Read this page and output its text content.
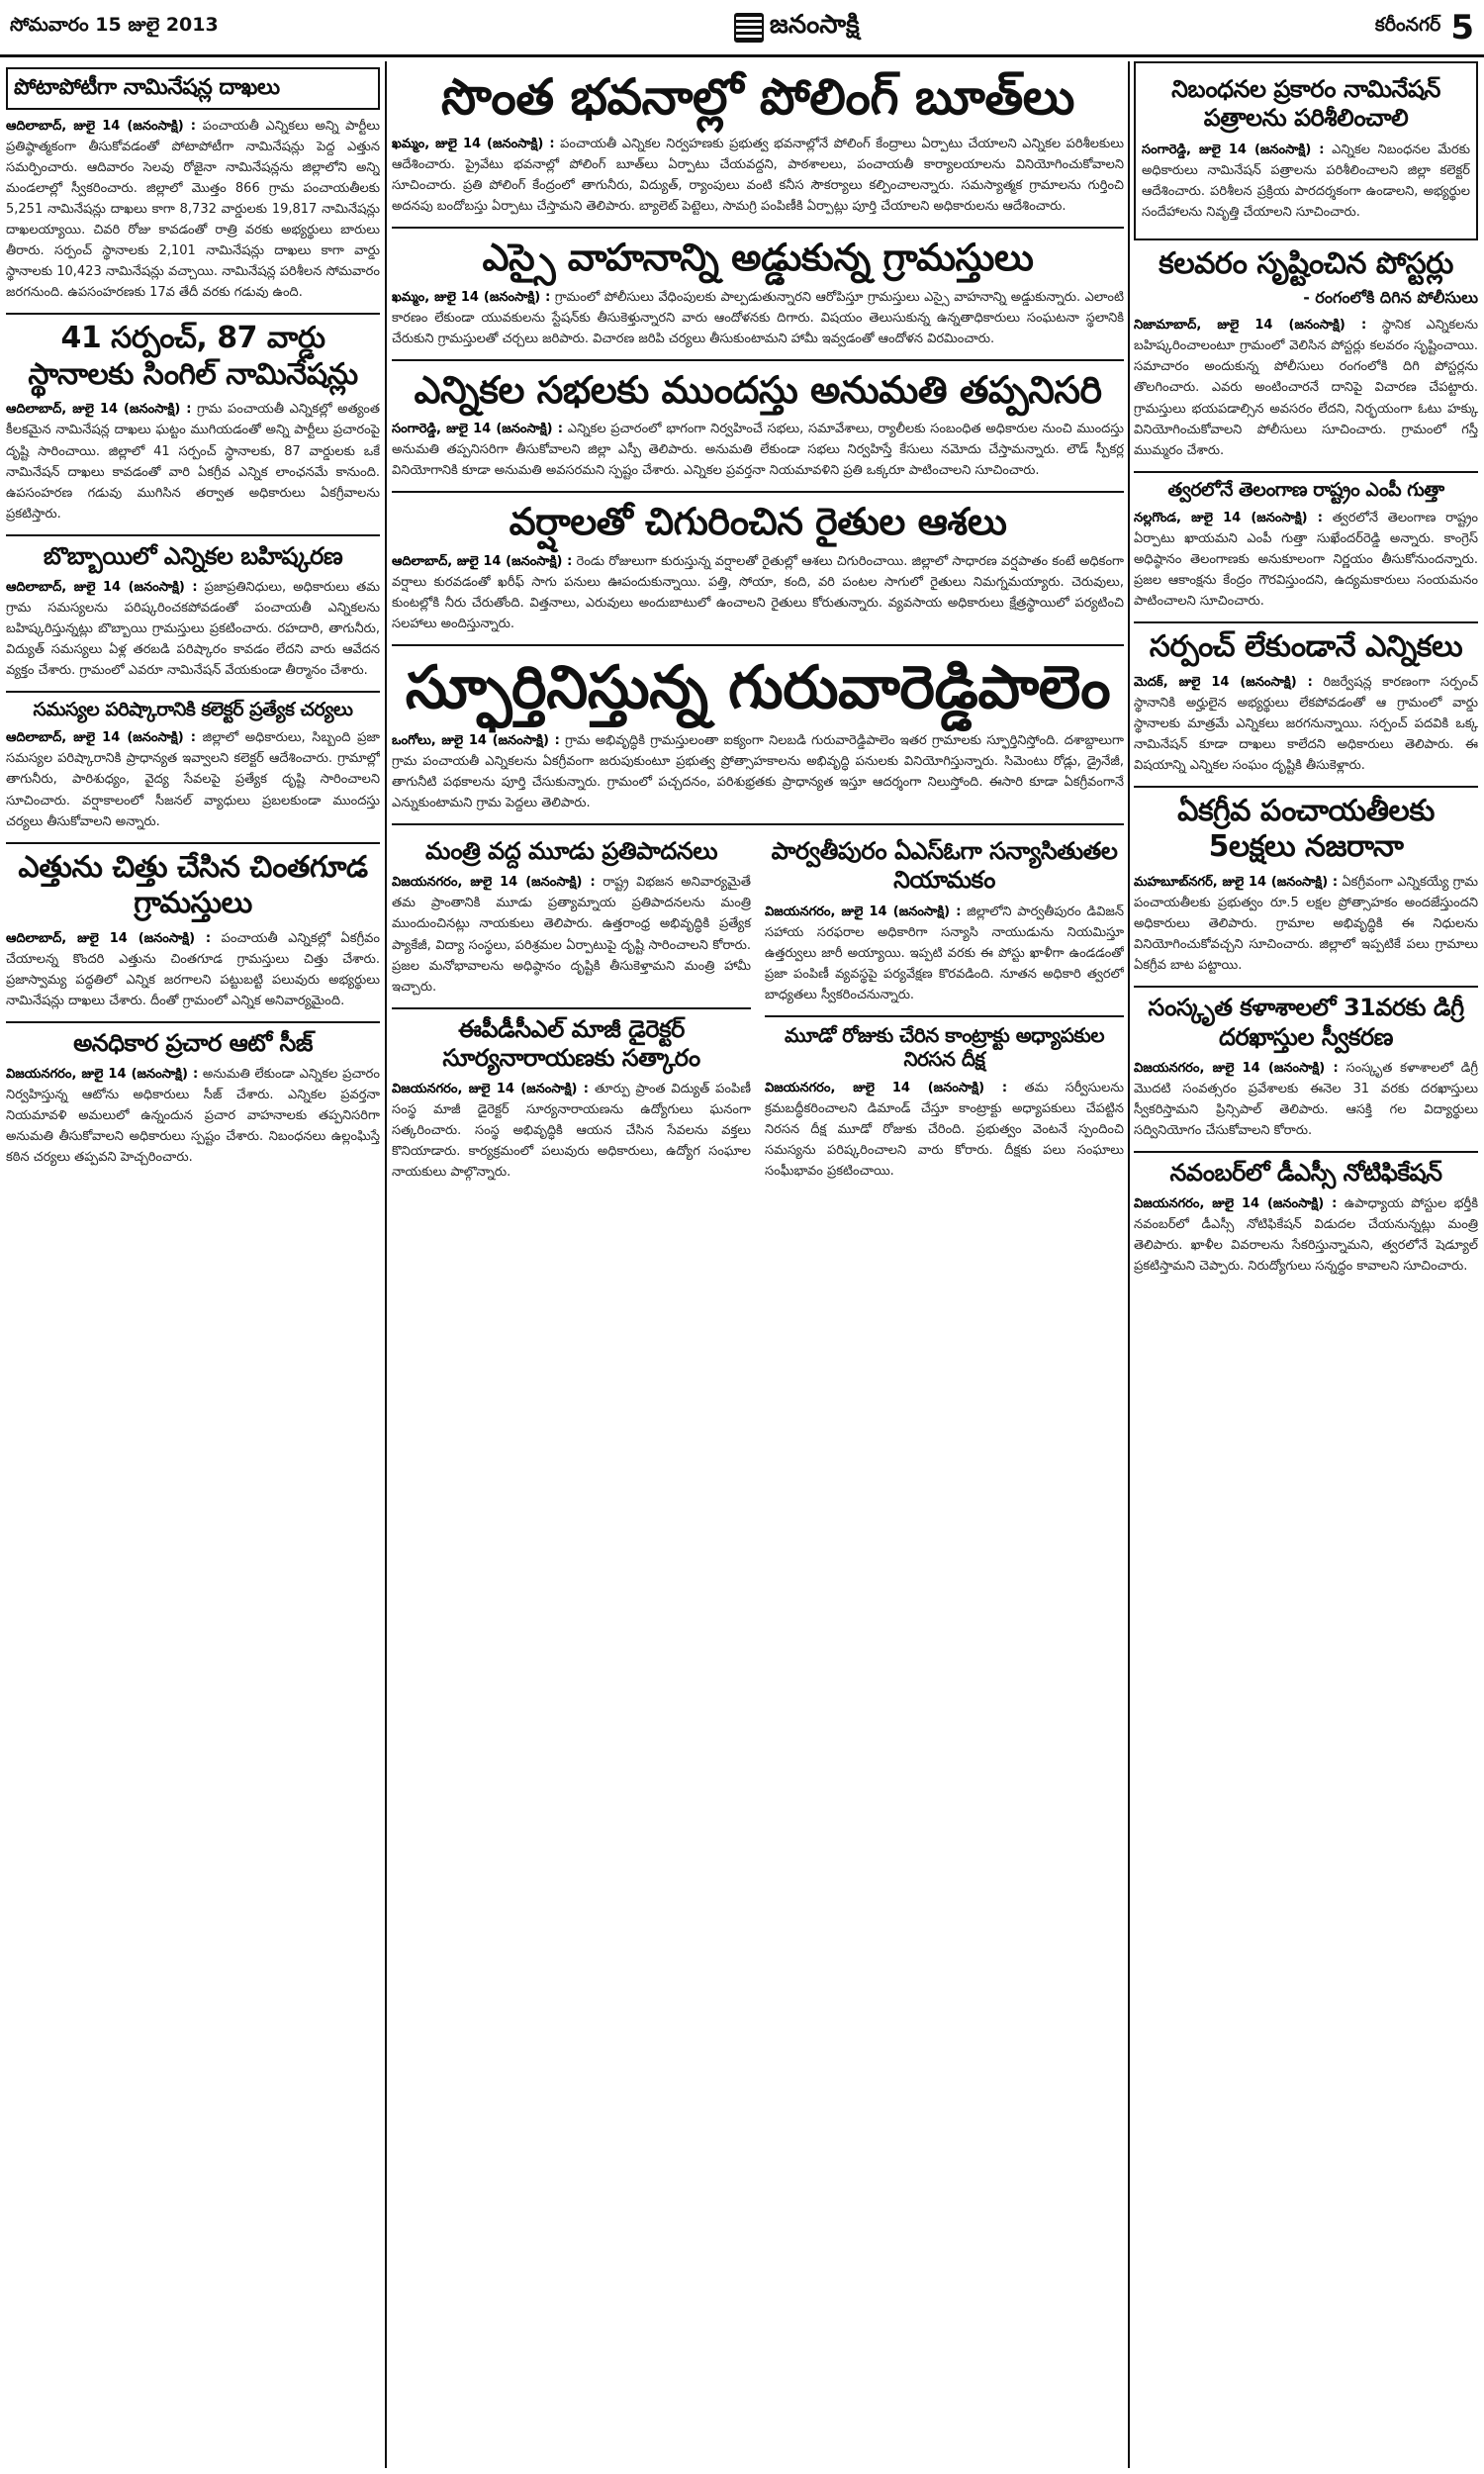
సోమవారం 15 జులై 2013	జనంసాక్షి	కరీంనగర్ 5
పోటాపోటీగా నామినేషన్ల దాఖలు

ఆదిలాబాద్‌, జులై 14 (జనంసాక్షి) : పంచాయతీ ఎన్నికలు అన్ని పార్టీలు ప్రతిష్ఠాత్మకంగా తీసుకోవడంతో పోటాపోటీగా నామినేషన్లు పెద్ద ఎత్తున సమర్పించారు. ఆదివారం సెలవు రోజైనా నామినేషన్లను జిల్లాలోని అన్ని మండలాల్లో స్వీకరించారు. జిల్లాలో మొత్తం 866 గ్రామ పంచాయతీలకు 5,251 నామినేషన్లు దాఖలు కాగా 8,732 వార్డులకు 19,817 నామినేషన్లు దాఖలయ్యాయి. చివరి రోజు కావడంతో రాత్రి వరకు అభ్యర్థులు బారులు తీరారు. సర్పంచ్‌ స్థానాలకు 2,101 నామినేషన్లు దాఖలు కాగా వార్డు స్థానాలకు 10,423 నామినేషన్లు వచ్చాయి. నామినేషన్ల పరిశీలన సోమవారం జరగనుంది. ఉపసంహరణకు 17వ తేదీ వరకు గడువు ఉంది.

41 సర్పంచ్‌, 87 వార్డు స్థానాలకు సింగిల్‌ నామినేషన్లు

ఆదిలాబాద్‌, జులై 14 (జనంసాక్షి) : గ్రామ పంచాయతీ ఎన్నికల్లో అత్యంత కీలకమైన నామినేషన్ల దాఖలు ఘట్టం ముగియడంతో అన్ని పార్టీలు ప్రచారంపై దృష్టి సారించాయి. జిల్లాలో 41 సర్పంచ్‌ స్థానాలకు, 87 వార్డులకు ఒకే నామినేషన్‌ దాఖలు కావడంతో వారి ఏకగ్రీవ ఎన్నిక లాంఛనమే కానుంది. ఉపసంహరణ గడువు ముగిసిన తర్వాత అధికారులు ఏకగ్రీవాలను ప్రకటిస్తారు.

బొబ్బాయిలో ఎన్నికల బహిష్కరణ

ఆదిలాబాద్‌, జులై 14 (జనంసాక్షి) : ప్రజాప్రతినిధులు, అధికారులు తమ గ్రామ సమస్యలను పరిష్కరించకపోవడంతో పంచాయతీ ఎన్నికలను బహిష్కరిస్తున్నట్లు బొబ్బాయి గ్రామస్తులు ప్రకటించారు. రహదారి, తాగునీరు, విద్యుత్‌ సమస్యలు ఏళ్ల తరబడి పరిష్కారం కావడం లేదని వారు ఆవేదన వ్యక్తం చేశారు. గ్రామంలో ఎవరూ నామినేషన్‌ వేయకుండా తీర్మానం చేశారు.

సమస్యల పరిష్కారానికి కలెక్టర్‌ ప్రత్యేక చర్యలు

ఆదిలాబాద్‌, జులై 14 (జనంసాక్షి) : జిల్లాలో అధికారులు, సిబ్బంది ప్రజా సమస్యల పరిష్కారానికి ప్రాధాన్యత ఇవ్వాలని కలెక్టర్‌ ఆదేశించారు. గ్రామాల్లో తాగునీరు, పారిశుధ్యం, వైద్య సేవలపై ప్రత్యేక దృష్టి సారించాలని సూచించారు. వర్షాకాలంలో సీజనల్‌ వ్యాధులు ప్రబలకుండా ముందస్తు చర్యలు తీసుకోవాలని అన్నారు.

ఎత్తును చిత్తు చేసిన చింతగూడ గ్రామస్తులు

ఆదిలాబాద్‌, జులై 14 (జనంసాక్షి) : పంచాయతీ ఎన్నికల్లో ఏకగ్రీవం చేయాలన్న కొందరి ఎత్తును చింతగూడ గ్రామస్తులు చిత్తు చేశారు. ప్రజాస్వామ్య పద్ధతిలో ఎన్నిక జరగాలని పట్టుబట్టి పలువురు అభ్యర్థులు నామినేషన్లు దాఖలు చేశారు. దీంతో గ్రామంలో ఎన్నిక అనివార్యమైంది.

అనధికార ప్రచార ఆటో సీజ్‌

విజయనగరం, జులై 14 (జనంసాక్షి) : అనుమతి లేకుండా ఎన్నికల ప్రచారం నిర్వహిస్తున్న ఆటోను అధికారులు సీజ్‌ చేశారు. ఎన్నికల ప్రవర్తనా నియమావళి అమలులో ఉన్నందున ప్రచార వాహనాలకు తప్పనిసరిగా అనుమతి తీసుకోవాలని అధికారులు స్పష్టం చేశారు. నిబంధనలు ఉల్లంఘిస్తే కఠిన చర్యలు తప్పవని హెచ్చరించారు.

సొంత భవనాల్లో పోలింగ్‌ బూత్‌లు

ఖమ్మం, జులై 14 (జనంసాక్షి) : పంచాయతీ ఎన్నికల నిర్వహణకు ప్రభుత్వ భవనాల్లోనే పోలింగ్‌ కేంద్రాలు ఏర్పాటు చేయాలని ఎన్నికల పరిశీలకులు ఆదేశించారు. ప్రైవేటు భవనాల్లో పోలింగ్‌ బూత్‌లు ఏర్పాటు చేయవద్దని, పాఠశాలలు, పంచాయతీ కార్యాలయాలను వినియోగించుకోవాలని సూచించారు. ప్రతి పోలింగ్‌ కేంద్రంలో తాగునీరు, విద్యుత్‌, ర్యాంపులు వంటి కనీస సౌకర్యాలు కల్పించాలన్నారు. సమస్యాత్మక గ్రామాలను గుర్తించి అదనపు బందోబస్తు ఏర్పాటు చేస్తామని తెలిపారు. బ్యాలెట్‌ పెట్టెలు, సామగ్రి పంపిణీకి ఏర్పాట్లు పూర్తి చేయాలని అధికారులను ఆదేశించారు.

ఎస్సై వాహనాన్ని అడ్డుకున్న గ్రామస్తులు

ఖమ్మం, జులై 14 (జనంసాక్షి) : గ్రామంలో పోలీసులు వేధింపులకు పాల్పడుతున్నారని ఆరోపిస్తూ గ్రామస్తులు ఎస్సై వాహనాన్ని అడ్డుకున్నారు. ఎలాంటి కారణం లేకుండా యువకులను స్టేషన్‌కు తీసుకెళ్తున్నారని వారు ఆందోళనకు దిగారు. విషయం తెలుసుకున్న ఉన్నతాధికారులు సంఘటనా స్థలానికి చేరుకుని గ్రామస్తులతో చర్చలు జరిపారు. విచారణ జరిపి చర్యలు తీసుకుంటామని హామీ ఇవ్వడంతో ఆందోళన విరమించారు.

ఎన్నికల సభలకు ముందస్తు అనుమతి తప్పనిసరి

సంగారెడ్డి, జులై 14 (జనంసాక్షి) : ఎన్నికల ప్రచారంలో భాగంగా నిర్వహించే సభలు, సమావేశాలు, ర్యాలీలకు సంబంధిత అధికారుల నుంచి ముందస్తు అనుమతి తప్పనిసరిగా తీసుకోవాలని జిల్లా ఎస్పీ తెలిపారు. అనుమతి లేకుండా సభలు నిర్వహిస్తే కేసులు నమోదు చేస్తామన్నారు. లౌడ్‌ స్పీకర్ల వినియోగానికి కూడా అనుమతి అవసరమని స్పష్టం చేశారు. ఎన్నికల ప్రవర్తనా నియమావళిని ప్రతి ఒక్కరూ పాటించాలని సూచించారు.

వర్షాలతో చిగురించిన రైతుల ఆశలు

ఆదిలాబాద్‌, జులై 14 (జనంసాక్షి) : రెండు రోజులుగా కురుస్తున్న వర్షాలతో రైతుల్లో ఆశలు చిగురించాయి. జిల్లాలో సాధారణ వర్షపాతం కంటే అధికంగా వర్షాలు కురవడంతో ఖరీఫ్‌ సాగు పనులు ఊపందుకున్నాయి. పత్తి, సోయా, కంది, వరి పంటల సాగులో రైతులు నిమగ్నమయ్యారు. చెరువులు, కుంటల్లోకి నీరు చేరుతోంది. విత్తనాలు, ఎరువులు అందుబాటులో ఉంచాలని రైతులు కోరుతున్నారు. వ్యవసాయ అధికారులు క్షేత్రస్థాయిలో పర్యటించి సలహాలు అందిస్తున్నారు.

స్ఫూర్తినిస్తున్న గురువారెడ్డిపాలెం

ఒంగోలు, జులై 14 (జనంసాక్షి) : గ్రామ అభివృద్ధికి గ్రామస్తులంతా ఐక్యంగా నిలబడి గురువారెడ్డిపాలెం ఇతర గ్రామాలకు స్ఫూర్తినిస్తోంది. దశాబ్దాలుగా గ్రామ పంచాయతీ ఎన్నికలను ఏకగ్రీవంగా జరుపుకుంటూ ప్రభుత్వ ప్రోత్సాహకాలను అభివృద్ధి పనులకు వినియోగిస్తున్నారు. సిమెంటు రోడ్లు, డ్రైనేజీ, తాగునీటి పథకాలను పూర్తి చేసుకున్నారు. గ్రామంలో పచ్చదనం, పరిశుభ్రతకు ప్రాధాన్యత ఇస్తూ ఆదర్శంగా నిలుస్తోంది. ఈసారి కూడా ఏకగ్రీవంగానే ఎన్నుకుంటామని గ్రామ పెద్దలు తెలిపారు.

మంత్రి వద్ద మూడు ప్రతిపాదనలు

విజయనగరం, జులై 14 (జనంసాక్షి) : రాష్ట్ర విభజన అనివార్యమైతే తమ ప్రాంతానికి మూడు ప్రత్యామ్నాయ ప్రతిపాదనలను మంత్రి ముందుంచినట్లు నాయకులు తెలిపారు. ఉత్తరాంధ్ర అభివృద్ధికి ప్రత్యేక ప్యాకేజీ, విద్యా సంస్థలు, పరిశ్రమల ఏర్పాటుపై దృష్టి సారించాలని కోరారు. ప్రజల మనోభావాలను అధిష్ఠానం దృష్టికి తీసుకెళ్తామని మంత్రి హామీ ఇచ్చారు.

ఈపీడీసీఎల్‌ మాజీ డైరెక్టర్‌ సూర్యనారాయణకు సత్కారం

విజయనగరం, జులై 14 (జనంసాక్షి) : తూర్పు ప్రాంత విద్యుత్‌ పంపిణీ సంస్థ మాజీ డైరెక్టర్‌ సూర్యనారాయణను ఉద్యోగులు ఘనంగా సత్కరించారు. సంస్థ అభివృద్ధికి ఆయన చేసిన సేవలను వక్తలు కొనియాడారు. కార్యక్రమంలో పలువురు అధికారులు, ఉద్యోగ సంఘాల నాయకులు పాల్గొన్నారు.

పార్వతీపురం ఏఎస్‌ఓగా సన్యాసితుతల నియామకం

విజయనగరం, జులై 14 (జనంసాక్షి) : జిల్లాలోని పార్వతీపురం డివిజన్‌ సహాయ సరఫరాల అధికారిగా సన్యాసి నాయుడును నియమిస్తూ ఉత్తర్వులు జారీ అయ్యాయి. ఇప్పటి వరకు ఈ పోస్టు ఖాళీగా ఉండడంతో ప్రజా పంపిణీ వ్యవస్థపై పర్యవేక్షణ కొరవడింది. నూతన అధికారి త్వరలో బాధ్యతలు స్వీకరించనున్నారు.

మూడో రోజుకు చేరిన కాంట్రాక్టు అధ్యాపకుల నిరసన దీక్ష

విజయనగరం, జులై 14 (జనంసాక్షి) : తమ సర్వీసులను క్రమబద్ధీకరించాలని డిమాండ్‌ చేస్తూ కాంట్రాక్టు అధ్యాపకులు చేపట్టిన నిరసన దీక్ష మూడో రోజుకు చేరింది. ప్రభుత్వం వెంటనే స్పందించి సమస్యను పరిష్కరించాలని వారు కోరారు. దీక్షకు పలు సంఘాలు సంఘీభావం ప్రకటించాయి.

నిబంధనల ప్రకారం నామినేషన్‌ పత్రాలను పరిశీలించాలి

సంగారెడ్డి, జులై 14 (జనంసాక్షి) : ఎన్నికల నిబంధనల మేరకు అధికారులు నామినేషన్‌ పత్రాలను పరిశీలించాలని జిల్లా కలెక్టర్‌ ఆదేశించారు. పరిశీలన ప్రక్రియ పారదర్శకంగా ఉండాలని, అభ్యర్థుల సందేహాలను నివృత్తి చేయాలని సూచించారు.

కలవరం సృష్టించిన పోస్టర్లు
- రంగంలోకి దిగిన పోలీసులు

నిజామాబాద్‌, జులై 14 (జనంసాక్షి) : స్థానిక ఎన్నికలను బహిష్కరించాలంటూ గ్రామంలో వెలిసిన పోస్టర్లు కలవరం సృష్టించాయి. సమాచారం అందుకున్న పోలీసులు రంగంలోకి దిగి పోస్టర్లను తొలగించారు. ఎవరు అంటించారనే దానిపై విచారణ చేపట్టారు. గ్రామస్తులు భయపడాల్సిన అవసరం లేదని, నిర్భయంగా ఓటు హక్కు వినియోగించుకోవాలని పోలీసులు సూచించారు. గ్రామంలో గస్తీ ముమ్మరం చేశారు.

త్వరలోనే తెలంగాణ రాష్ట్రం ఎంపీ గుత్తా

నల్లగొండ, జులై 14 (జనంసాక్షి) : త్వరలోనే తెలంగాణ రాష్ట్రం ఏర్పాటు ఖాయమని ఎంపీ గుత్తా సుఖేందర్‌రెడ్డి అన్నారు. కాంగ్రెస్‌ అధిష్ఠానం తెలంగాణకు అనుకూలంగా నిర్ణయం తీసుకోనుందన్నారు. ప్రజల ఆకాంక్షను కేంద్రం గౌరవిస్తుందని, ఉద్యమకారులు సంయమనం పాటించాలని సూచించారు.

సర్పంచ్‌ లేకుండానే ఎన్నికలు

మెదక్‌, జులై 14 (జనంసాక్షి) : రిజర్వేషన్ల కారణంగా సర్పంచ్‌ స్థానానికి అర్హులైన అభ్యర్థులు లేకపోవడంతో ఆ గ్రామంలో వార్డు స్థానాలకు మాత్రమే ఎన్నికలు జరగనున్నాయి. సర్పంచ్‌ పదవికి ఒక్క నామినేషన్‌ కూడా దాఖలు కాలేదని అధికారులు తెలిపారు. ఈ విషయాన్ని ఎన్నికల సంఘం దృష్టికి తీసుకెళ్లారు.

ఏకగ్రీవ పంచాయతీలకు 5లక్షలు నజరానా

మహబూబ్‌నగర్‌, జులై 14 (జనంసాక్షి) : ఏకగ్రీవంగా ఎన్నికయ్యే గ్రామ పంచాయతీలకు ప్రభుత్వం రూ.5 లక్షల ప్రోత్సాహకం అందజేస్తుందని అధికారులు తెలిపారు. గ్రామాల అభివృద్ధికి ఈ నిధులను వినియోగించుకోవచ్చని సూచించారు. జిల్లాలో ఇప్పటికే పలు గ్రామాలు ఏకగ్రీవ బాట పట్టాయి.

సంస్కృత కళాశాలలో 31వరకు డిగ్రీ దరఖాస్తుల స్వీకరణ

విజయనగరం, జులై 14 (జనంసాక్షి) : సంస్కృత కళాశాలలో డిగ్రీ మొదటి సంవత్సరం ప్రవేశాలకు ఈనెల 31 వరకు దరఖాస్తులు స్వీకరిస్తామని ప్రిన్సిపాల్‌ తెలిపారు. ఆసక్తి గల విద్యార్థులు సద్వినియోగం చేసుకోవాలని కోరారు.

నవంబర్‌లో డీఎస్సీ నోటిఫికేషన్‌

విజయనగరం, జులై 14 (జనంసాక్షి) : ఉపాధ్యాయ పోస్టుల భర్తీకి నవంబర్‌లో డీఎస్సీ నోటిఫికేషన్‌ విడుదల చేయనున్నట్లు మంత్రి తెలిపారు. ఖాళీల వివరాలను సేకరిస్తున్నామని, త్వరలోనే షెడ్యూల్‌ ప్రకటిస్తామని చెప్పారు. నిరుద్యోగులు సన్నద్ధం కావాలని సూచించారు.
